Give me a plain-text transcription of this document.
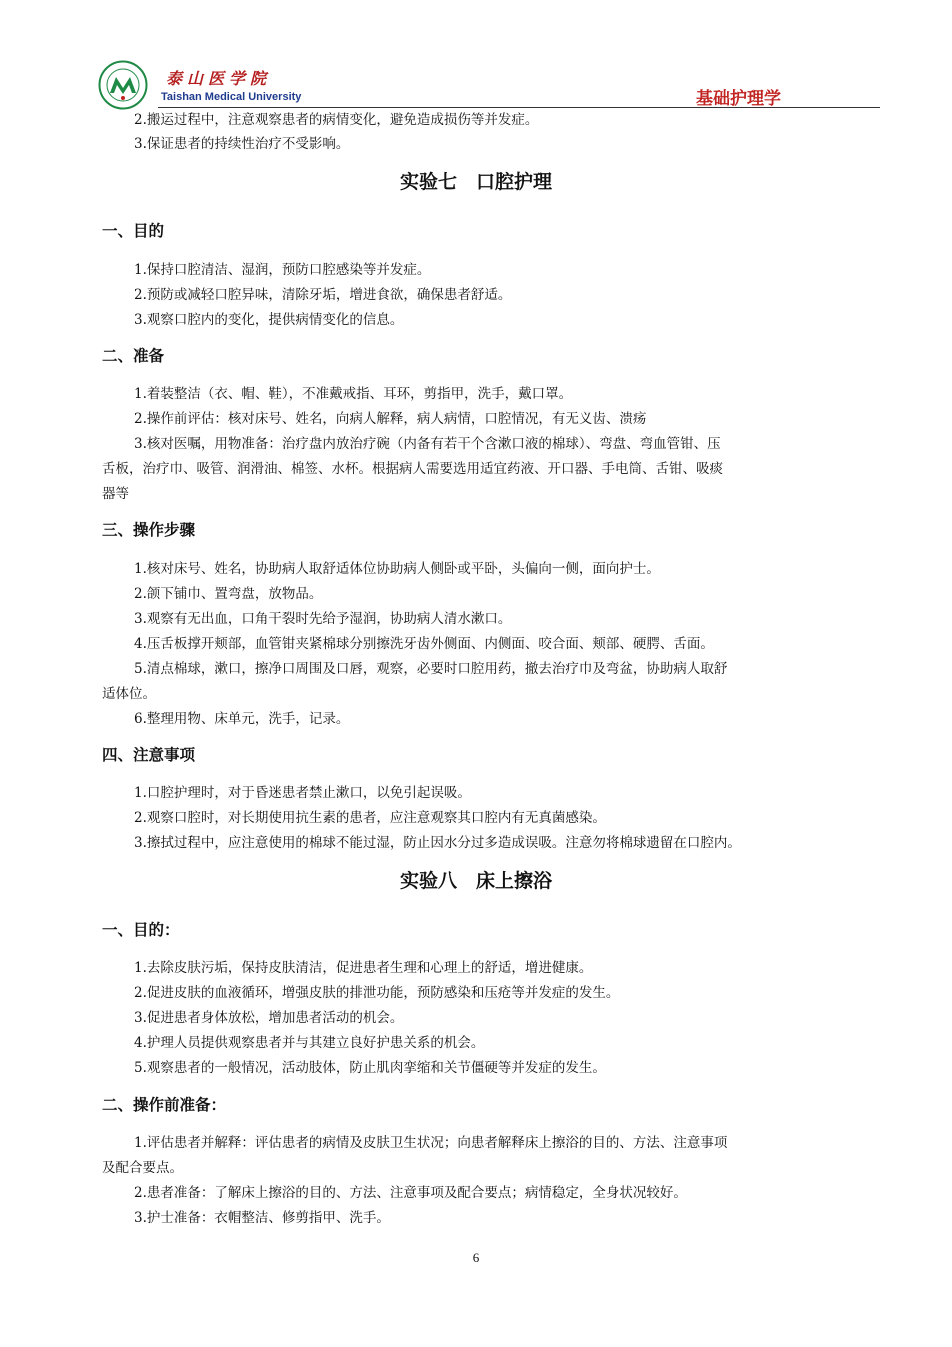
泰山医学院
Taishan Medical University	基础护理学
2.搬运过程中，注意观察患者的病情变化，避免造成损伤等并发症。
3.保证患者的持续性治疗不受影响。
实验七　口腔护理
一、目的
1.保持口腔清洁、湿润，预防口腔感染等并发症。
2.预防或减轻口腔异味，清除牙垢，增进食欲，确保患者舒适。
3.观察口腔内的变化，提供病情变化的信息。
二、准备
1.着装整洁（衣、帽、鞋），不准戴戒指、耳环，剪指甲，洗手，戴口罩。
2.操作前评估：核对床号、姓名，向病人解释，病人病情，口腔情况，有无义齿、溃疡
3.核对医嘱，用物准备：治疗盘内放治疗碗（内备有若干个含漱口液的棉球）、弯盘、弯血管钳、压
舌板，治疗巾、吸管、润滑油、棉签、水杯。根据病人需要选用适宜药液、开口器、手电筒、舌钳、吸痰
器等
三、操作步骤
1.核对床号、姓名，协助病人取舒适体位协助病人侧卧或平卧，头偏向一侧，面向护士。
2.颌下铺巾、置弯盘，放物品。
3.观察有无出血，口角干裂时先给予湿润，协助病人清水漱口。
4.压舌板撑开颊部，血管钳夹紧棉球分别擦洗牙齿外侧面、内侧面、咬合面、颊部、硬腭、舌面。
5.清点棉球，漱口，擦净口周围及口唇，观察，必要时口腔用药，撤去治疗巾及弯盆，协助病人取舒
适体位。
6.整理用物、床单元，洗手，记录。
四、注意事项
1.口腔护理时，对于昏迷患者禁止漱口，以免引起误吸。
2.观察口腔时，对长期使用抗生素的患者，应注意观察其口腔内有无真菌感染。
3.擦拭过程中，应注意使用的棉球不能过湿，防止因水分过多造成误吸。注意勿将棉球遗留在口腔内。
实验八　床上擦浴
一、目的：
1.去除皮肤污垢，保持皮肤清洁，促进患者生理和心理上的舒适，增进健康。
2.促进皮肤的血液循环，增强皮肤的排泄功能，预防感染和压疮等并发症的发生。
3.促进患者身体放松，增加患者活动的机会。
4.护理人员提供观察患者并与其建立良好护患关系的机会。
5.观察患者的一般情况，活动肢体，防止肌肉挛缩和关节僵硬等并发症的发生。
二、操作前准备：
1.评估患者并解释：评估患者的病情及皮肤卫生状况；向患者解释床上擦浴的目的、方法、注意事项
及配合要点。
2.患者准备：了解床上擦浴的目的、方法、注意事项及配合要点；病情稳定，全身状况较好。
3.护士准备：衣帽整洁、修剪指甲、洗手。
6
